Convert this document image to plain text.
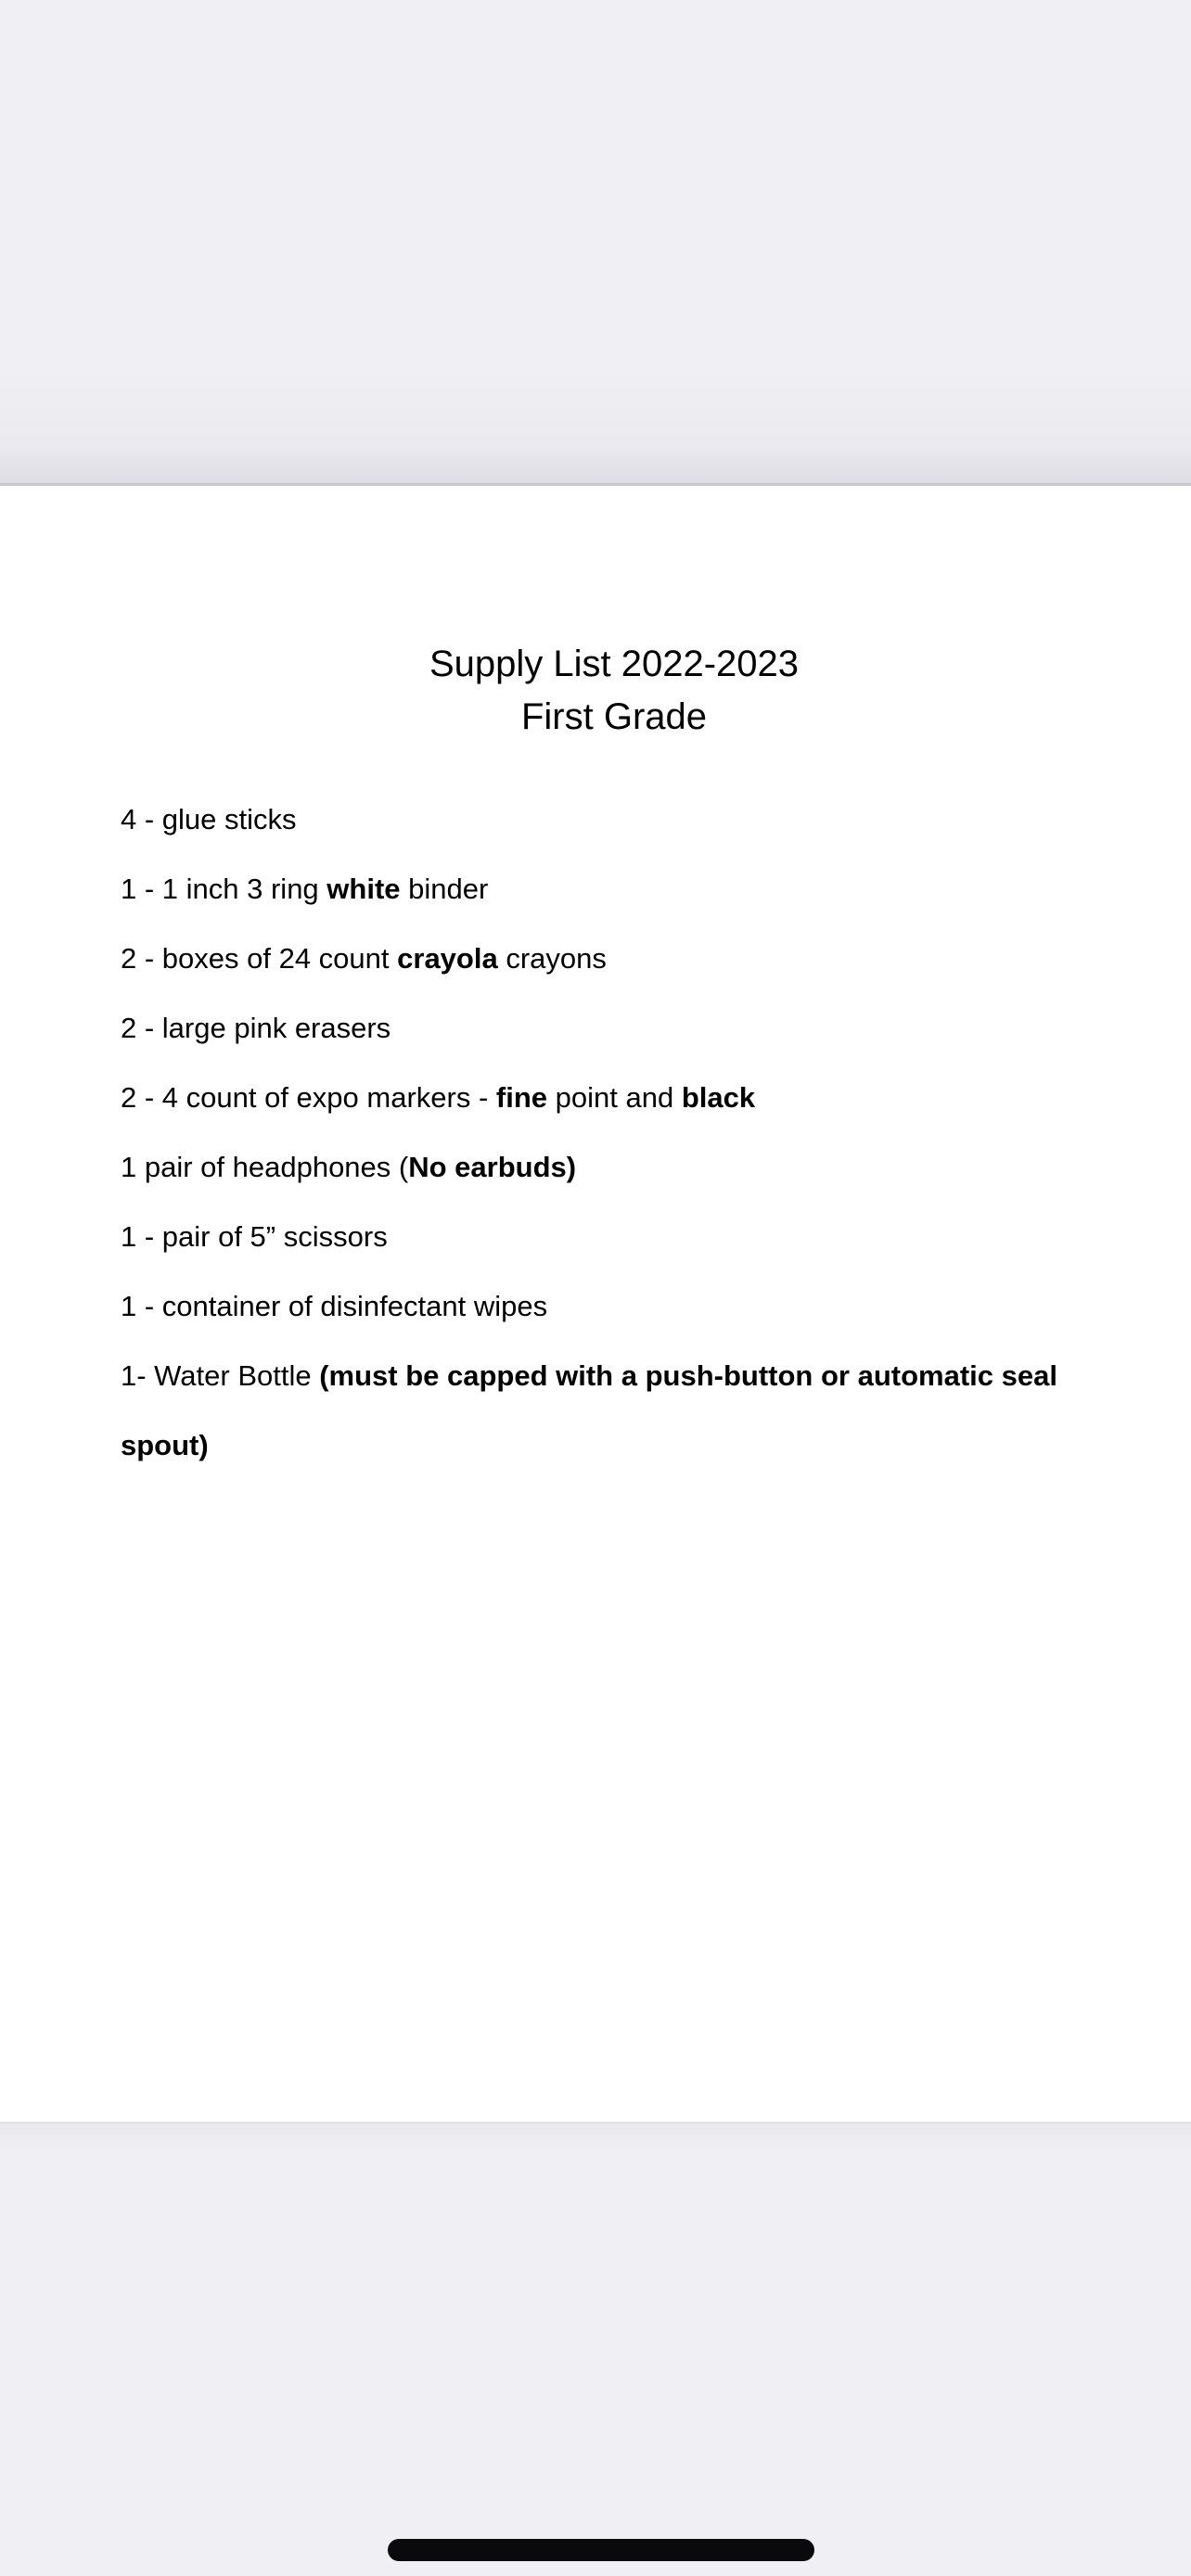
Supply List 2022-2023
First Grade

4 - glue sticks

1 - 1 inch 3 ring white binder

2 - boxes of 24 count crayola crayons

2 - large pink erasers

2 - 4 count of expo markers - fine point and black

1 pair of headphones (No earbuds)

1 - pair of 5” scissors

1 - container of disinfectant wipes

1- Water Bottle (must be capped with a push-button or automatic seal
spout)
